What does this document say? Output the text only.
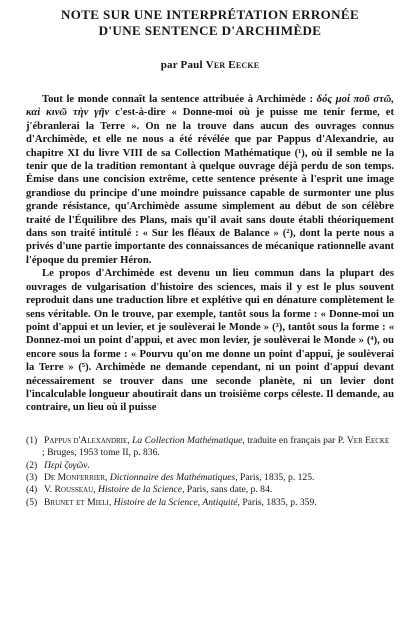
NOTE SUR UNE INTERPRÉTATION ERRONÉE
D'UNE SENTENCE D'ARCHIMÈDE
par Paul Ver Eecke

Tout le monde connaît la sentence attribuée à Archimède : δός μοί ποῦ στῶ, καὶ κινῶ τὴν γῆν c'est-à-dire « Donne-moi où je puisse me tenir ferme, et j'ébranlerai la Terre ». On ne la trouve dans aucun des ouvrages connus d'Archimède, et elle ne nous a été révélée que par Pappus d'Alexandrie, au chapitre XI du livre VIII de sa Collection Mathématique (¹), où il semble ne la tenir que de la tradition remontant à quelque ouvrage déjà perdu de son temps. Émise dans une concision extrême, cette sentence présente à l'esprit une image grandiose du principe d'une moindre puissance capable de surmonter une plus grande résistance, qu'Archimède assume simplement au début de son célèbre traité de l'Équilibre des Plans, mais qu'il avait sans doute établi théoriquement dans son traité intitulé : « Sur les fléaux de Balance » (²), dont la perte nous a privés d'une partie importante des connaissances de mécanique rationnelle avant l'époque du premier Héron.

Le propos d'Archimède est devenu un lieu commun dans la plupart des ouvrages de vulgarisation d'histoire des sciences, mais il y est le plus souvent reproduit dans une traduction libre et explétive qui en dénature complètement le sens véritable. On le trouve, par exemple, tantôt sous la forme : « Donne-moi un point d'appui et un levier, et je soulèverai le Monde » (³), tantôt sous la forme : « Donnez-moi un point d'appui, et avec mon levier, je soulèverai le Monde » (⁴), ou encore sous la forme : « Pourvu qu'on me donne un point d'appui, je soulèverai la Terre » (⁵). Archimède ne demande cependant, ni un point d'appui devant nécessairement se trouver dans une seconde planète, ni un levier dont l'incalculable longueur aboutirait dans un troisième corps céleste. Il demande, au contraire, un lieu où il puisse

(1) Pappus d'Alexandrie, La Collection Mathématique, traduite en français par P. Ver Eecke ; Bruges, 1953 tome II, p. 836.

(2) Περὶ ζυγῶν.

(3) De Monferrier, Dictionnaire des Mathématiques, Paris, 1835, p. 125.

(4) V. Rousseau, Histoire de la Science, Paris, sans date, p. 84.

(5) Brunet et Mieli, Histoire de la Science, Antiquité, Paris, 1835, p. 359.
